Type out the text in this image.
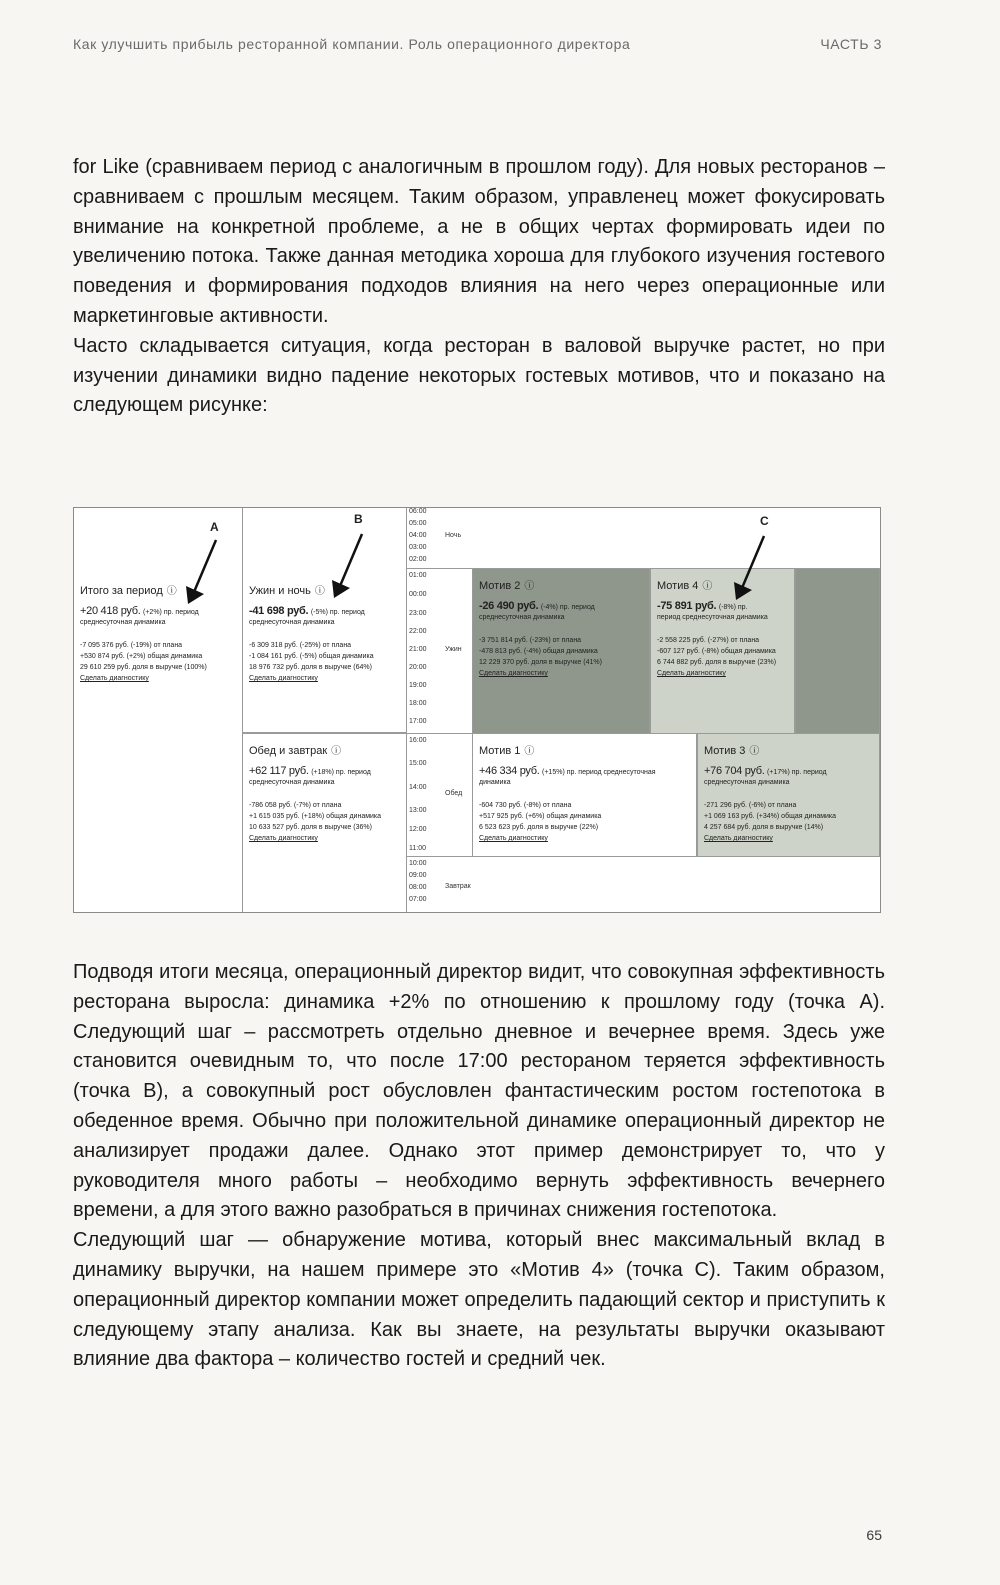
Как улучшить прибыль ресторанной компании. Роль операционного директора	ЧАСТЬ 3

for Like (сравниваем период с аналогичным в прошлом году). Для новых ресторанов – сравниваем с прошлым месяцем. Таким образом, управленец может фокусировать внимание на конкретной проблеме, а не в общих чертах формировать идеи по увеличению потока. Также данная методика хороша для глубокого изучения гостевого поведения и формирования подходов влияния на него через операционные или маркетинговые активности.

Часто складывается ситуация, когда ресторан в валовой выручке растет, но при изучении динамики видно падение некоторых гостевых мотивов, что и показано на следующем рисунке:

Итого за период ⓘ
+20 418 руб. (+2%) пр. период
среднесуточная динамика
-7 095 376 руб. (-19%) от плана
+530 874 руб. (+2%) общая динамика
29 610 259 руб. доля в выручке (100%)
Сделать диагностику
Ужин и ночь ⓘ
-41 698 руб. (-5%) пр. период
среднесуточная динамика
-6 309 318 руб. (-25%) от плана
-1 084 161 руб. (-5%) общая динамика
18 976 732 руб. доля в выручке (64%)
Сделать диагностику
Обед и завтрак ⓘ
+62 117 руб. (+18%) пр. период
среднесуточная динамика
-786 058 руб. (-7%) от плана
+1 615 035 руб. (+18%) общая динамика
10 633 527 руб. доля в выручке (36%)
Сделать диагностику
Ночь
Ужин
Обед
Завтрак
06:00
05:00
04:00
03:00
02:00
01:00
00:00
23:00
22:00
21:00
20:00
19:00
18:00
17:00
16:00
15:00
14:00
13:00
12:00
11:00
10:00
09:00
08:00
07:00
Мотив 2 ⓘ
-26 490 руб. (-4%) пр. период
среднесуточная динамика
-3 751 814 руб. (-23%) от плана
-478 813 руб. (-4%) общая динамика
12 229 370 руб. доля в выручке (41%)
Сделать диагностику
Мотив 4 ⓘ
-75 891 руб. (-8%) пр.
период среднесуточная динамика
-2 558 225 руб. (-27%) от плана
-607 127 руб. (-8%) общая динамика
6 744 882 руб. доля в выручке (23%)
Сделать диагностику
Мотив 1 ⓘ
+46 334 руб. (+15%) пр. период среднесуточная
динамика
-604 730 руб. (-8%) от плана
+517 925 руб. (+6%) общая динамика
6 523 623 руб. доля в выручке (22%)
Сделать диагностику
Мотив 3 ⓘ
+76 704 руб. (+17%) пр. период
среднесуточная динамика
-271 296 руб. (-6%) от плана
+1 069 163 руб. (+34%) общая динамика
4 257 684 руб. доля в выручке (14%)
Сделать диагностику
A
B	C

Подводя итоги месяца, операционный директор видит, что совокупная эффективность ресторана выросла: динамика +2% по отношению к прошлому году (точка А). Следующий шаг – рассмотреть отдельно дневное и вечернее время. Здесь уже становится очевидным то, что после 17:00 рестораном теряется эффективность (точка В), а совокупный рост обусловлен фантастическим ростом гостепотока в обеденное время. Обычно при положительной динамике операционный директор не анализирует продажи далее. Однако этот пример демонстрирует то, что у руководителя много работы – необходимо вернуть эффективность вечернего времени, а для этого важно разобраться в причинах снижения гостепотока.

Следующий шаг — обнаружение мотива, который внес максимальный вклад в динамику выручки, на нашем примере это «Мотив 4» (точка С). Таким образом, операционный директор компании может определить падающий сектор и приступить к следующему этапу анализа. Как вы знаете, на результаты выручки оказывают влияние два фактора – количество гостей и средний чек.

65
